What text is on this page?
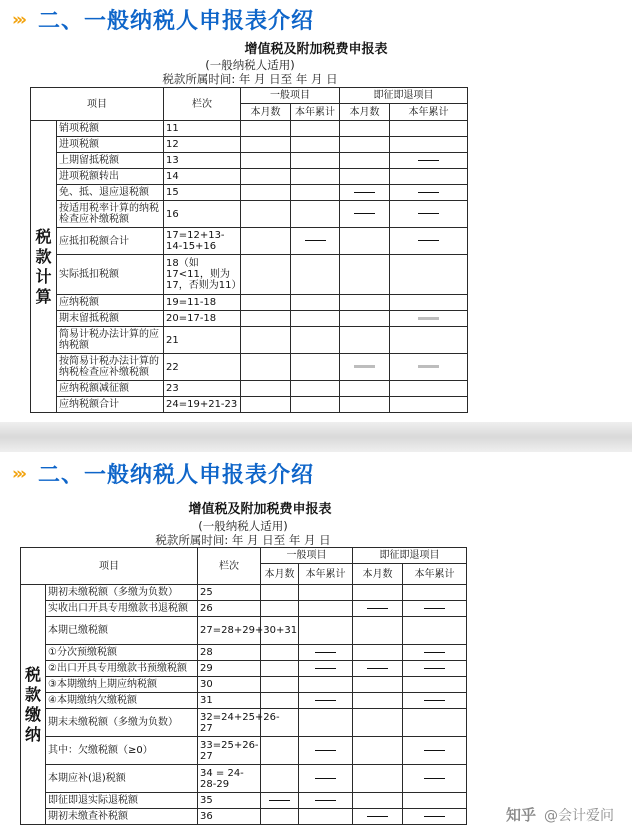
››› 二、一般纳税人申报表介绍
增值税及附加税费申报表
(一般纳税人适用)
税款所属时间: 年 月 日至 年 月 日
项目		栏次	一般项目		即征即退项目	
			本月数	本年累计	本月数	本年累计
税款计算	销项税额	11				
	进项税额	12				
	上期留抵税额	13				
	进项税额转出	14				
	免、抵、退应退税额	15				
	按适用税率计算的纳税检查应补缴税额	16				
	应抵扣税额合计	17=12+13-14-15+16				
	实际抵扣税额	18（如17<11，则为17，否则为11）				
	应纳税额	19=11-18				
	期末留抵税额	20=17-18				
	简易计税办法计算的应纳税额	21				
	按简易计税办法计算的纳税检查应补缴税额	22				
	应纳税额减征额	23				
	应纳税额合计	24=19+21-23				
››› 二、一般纳税人申报表介绍
增值税及附加税费申报表
(一般纳税人适用)
税款所属时间: 年 月 日至 年 月 日
项目		栏次	一般项目		即征即退项目	
			本月数	本年累计	本月数	本年累计
税款缴纳	期初未缴税额（多缴为负数）	25				
	实收出口开具专用缴款书退税额	26				
	本期已缴税额	27=28+29+30+31				
	①分次预缴税额	28				
	②出口开具专用缴款书预缴税额	29				
	③本期缴纳上期应纳税额	30				
	④本期缴纳欠缴税额	31				
	期末未缴税额（多缴为负数）	32=24+25+26-27				
	其中：欠缴税额（≥0）	33=25+26-27				
	本期应补(退)税额	34 = 24-28-29				
	即征即退实际退税额	35				
	期初未缴查补税额	36					知乎 @会计爱问
